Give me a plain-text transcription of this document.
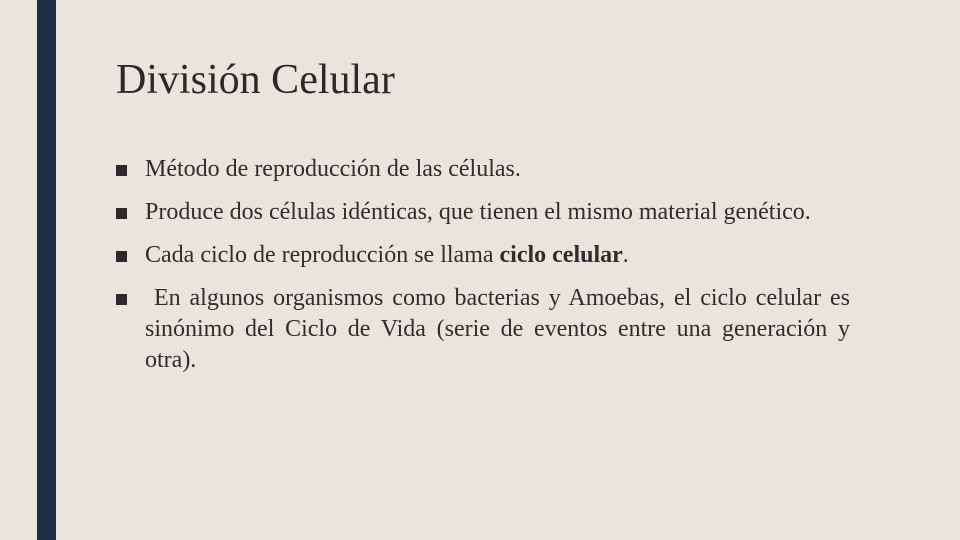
División Celular
Método de reproducción de las células.
Produce dos células idénticas, que tienen el mismo material genético.
Cada ciclo de reproducción se llama ciclo celular.
En algunos organismos como bacterias y Amoebas, el ciclo celular es sinónimo del Ciclo de Vida (serie de eventos entre una generación y otra).
